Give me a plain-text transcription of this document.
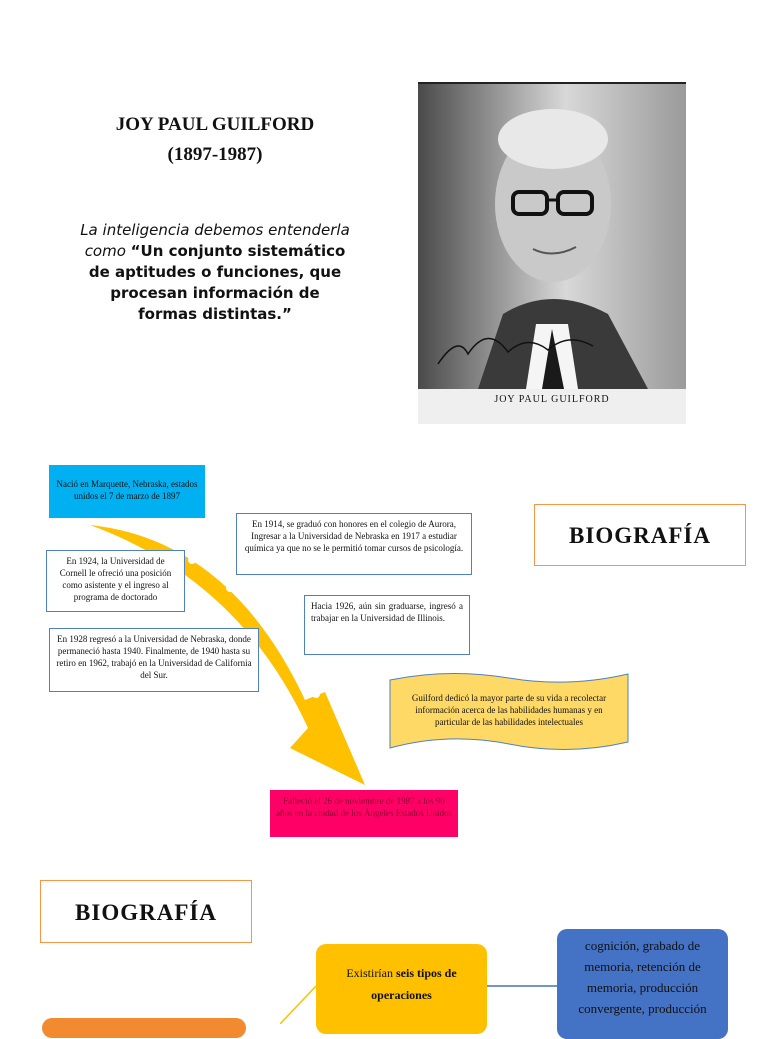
JOY PAUL GUILFORD
(1897-1987)
La inteligencia debemos entenderla como “Un conjunto sistemático de aptitudes o funciones, que procesan información de formas distintas.”
JOY PAUL GUILFORD
Nació en Marquette, Nebraska, estados unidos el 7 de marzo de 1897
En 1914, se graduó con honores en el colegio de Aurora, Ingresar a la Universidad de Nebraska en 1917 a estudiar química ya que no se le permitió tomar cursos de psicología.	BIOGRAFÍA
En 1924, la Universidad de Cornell le ofreció una posición como asistente y el ingreso al programa de doctorado
Hacia 1926, aún sin graduarse, ingresó a trabajar en la Universidad de Illinois.
En 1928 regresó a la Universidad de Nebraska, donde permaneció hasta 1940. Finalmente, de 1940 hasta su retiro en 1962, trabajó en la Universidad de California del Sur.
Guilford dedicó la mayor parte de su vida a recolectar información acerca de las habilidades humanas y en particular de las habilidades intelectuales
Falleció el 26 de noviembre de 1987 a los 90 años en la ciudad de los Ángeles Estados Unidos
BIOGRAFÍA
Existirían seis tipos de operaciones
cognición, grabado de memoria, retención de memoria, producción convergente, producción
